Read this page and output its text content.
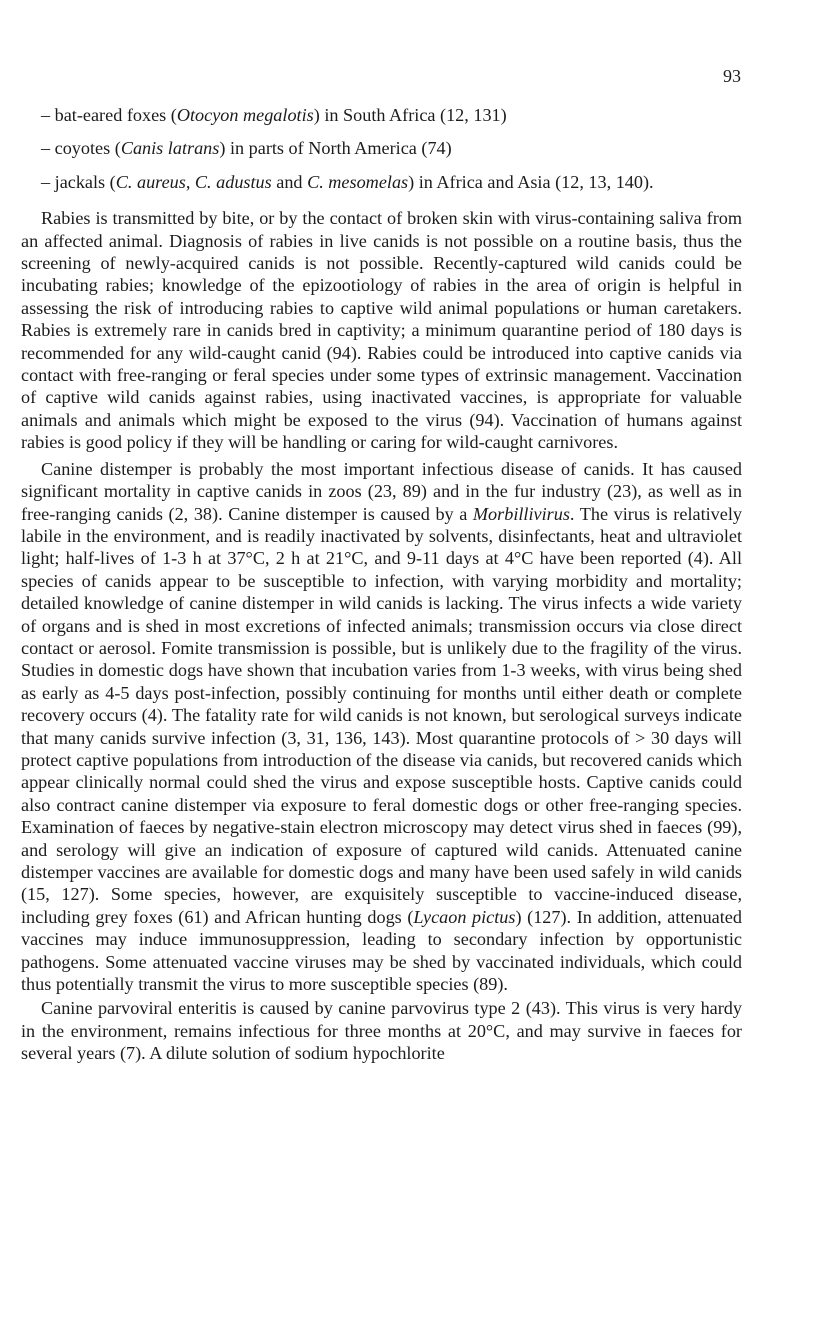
93

– bat-eared foxes (Otocyon megalotis) in South Africa (12, 131)

– coyotes (Canis latrans) in parts of North America (74)

– jackals (C. aureus, C. adustus and C. mesomelas) in Africa and Asia (12, 13, 140).

Rabies is transmitted by bite, or by the contact of broken skin with virus-containing saliva from an affected animal. Diagnosis of rabies in live canids is not possible on a routine basis, thus the screening of newly-acquired canids is not possible. Recently-captured wild canids could be incubating rabies; knowledge of the epizootiology of rabies in the area of origin is helpful in assessing the risk of introducing rabies to captive wild animal populations or human caretakers. Rabies is extremely rare in canids bred in captivity; a minimum quarantine period of 180 days is recommended for any wild-caught canid (94). Rabies could be introduced into captive canids via contact with free-ranging or feral species under some types of extrinsic management. Vaccination of captive wild canids against rabies, using inactivated vaccines, is appropriate for valuable animals and animals which might be exposed to the virus (94). Vaccination of humans against rabies is good policy if they will be handling or caring for wild-caught carnivores.

Canine distemper is probably the most important infectious disease of canids. It has caused significant mortality in captive canids in zoos (23, 89) and in the fur industry (23), as well as in free-ranging canids (2, 38). Canine distemper is caused by a Morbillivirus. The virus is relatively labile in the environment, and is readily inactivated by solvents, disinfectants, heat and ultraviolet light; half-lives of 1-3 h at 37°C, 2 h at 21°C, and 9-11 days at 4°C have been reported (4). All species of canids appear to be susceptible to infection, with varying morbidity and mortality; detailed knowledge of canine distemper in wild canids is lacking. The virus infects a wide variety of organs and is shed in most excretions of infected animals; transmission occurs via close direct contact or aerosol. Fomite transmission is possible, but is unlikely due to the fragility of the virus. Studies in domestic dogs have shown that incubation varies from 1-3 weeks, with virus being shed as early as 4-5 days post-infection, possibly continuing for months until either death or complete recovery occurs (4). The fatality rate for wild canids is not known, but serological surveys indicate that many canids survive infection (3, 31, 136, 143). Most quarantine protocols of > 30 days will protect captive populations from introduction of the disease via canids, but recovered canids which appear clinically normal could shed the virus and expose susceptible hosts. Captive canids could also contract canine distemper via exposure to feral domestic dogs or other free-ranging species. Examination of faeces by negative-stain electron microscopy may detect virus shed in faeces (99), and serology will give an indication of exposure of captured wild canids. Attenuated canine distemper vaccines are available for domestic dogs and many have been used safely in wild canids (15, 127). Some species, however, are exquisitely susceptible to vaccine-induced disease, including grey foxes (61) and African hunting dogs (Lycaon pictus) (127). In addition, attenuated vaccines may induce immunosuppression, leading to secondary infection by opportunistic pathogens. Some attenuated vaccine viruses may be shed by vaccinated individuals, which could thus potentially transmit the virus to more susceptible species (89).

Canine parvoviral enteritis is caused by canine parvovirus type 2 (43). This virus is very hardy in the environment, remains infectious for three months at 20°C, and may survive in faeces for several years (7). A dilute solution of sodium hypochlorite
